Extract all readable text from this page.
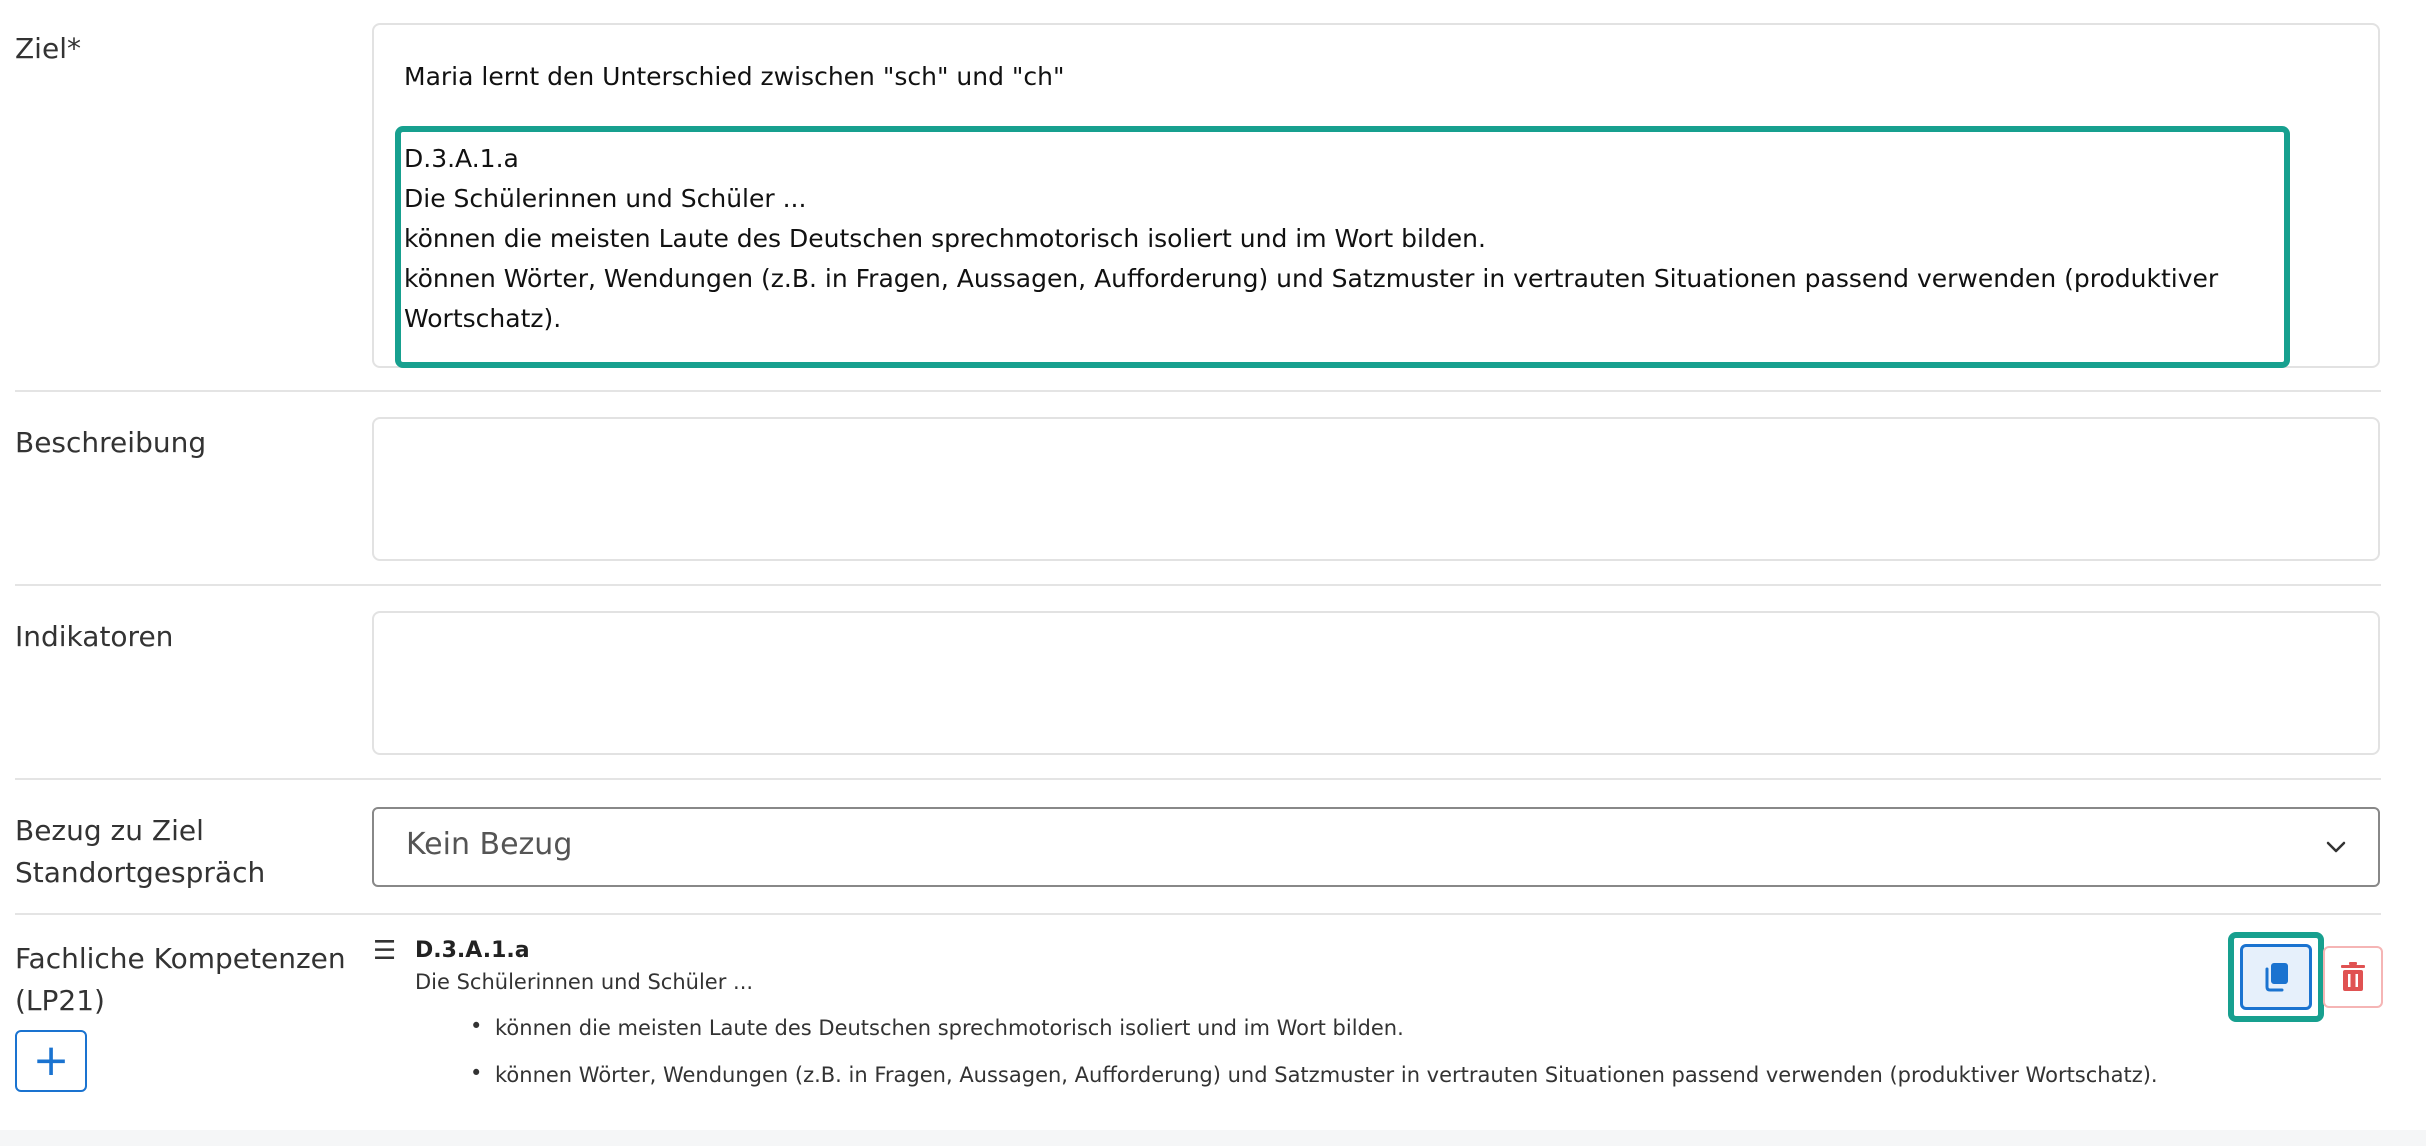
Ziel*
Maria lernt den Unterschied zwischen "sch" und "ch"
D.3.A.1.a
Die Schülerinnen und Schüler ...
können die meisten Laute des Deutschen sprechmotorisch isoliert und im Wort bilden.
können Wörter, Wendungen (z.B. in Fragen, Aussagen, Aufforderung) und Satzmuster in vertrauten Situationen passend verwenden (produktiver
Wortschatz).
Beschreibung
Indikatoren
Bezug zu Ziel
Standortgespräch
Kein Bezug
Fachliche Kompetenzen
(LP21)
+
☰ D.3.A.1.a
Die Schülerinnen und Schüler ...
• können die meisten Laute des Deutschen sprechmotorisch isoliert und im Wort bilden.
• können Wörter, Wendungen (z.B. in Fragen, Aussagen, Aufforderung) und Satzmuster in vertrauten Situationen passend verwenden (produktiver Wortschatz).
